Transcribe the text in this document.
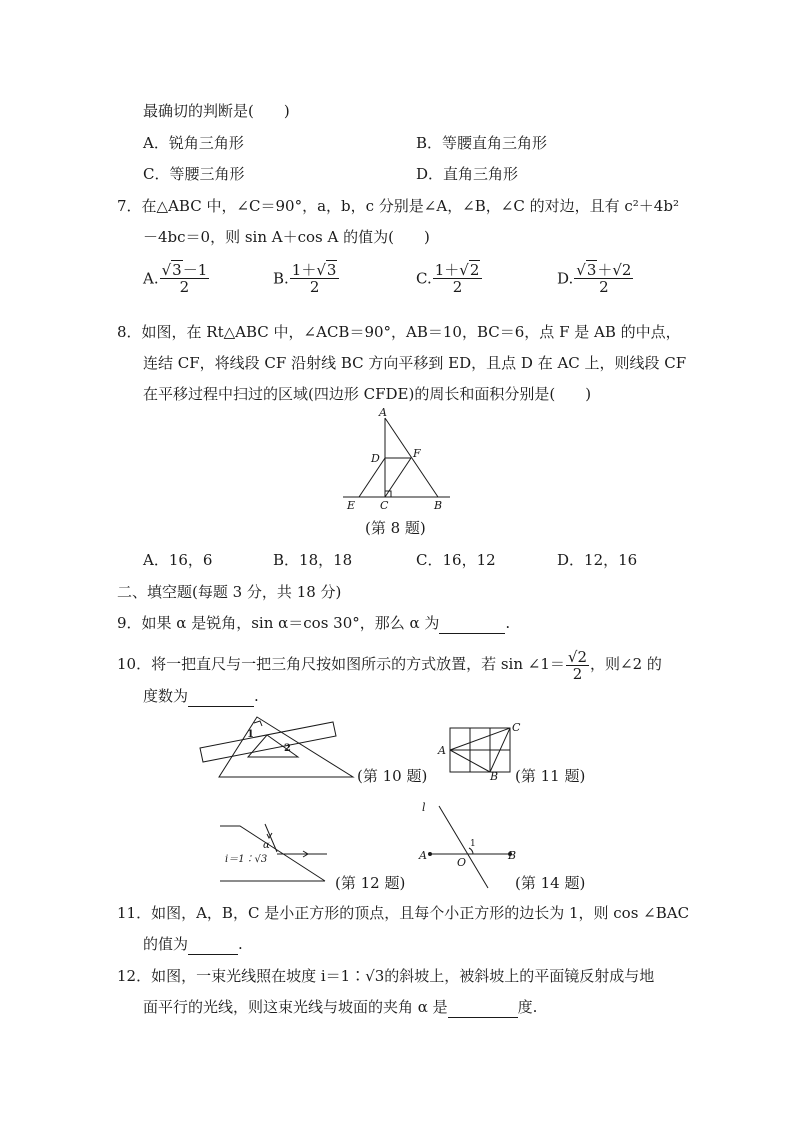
最确切的判断是(　　)
A．锐角三角形	B．等腰直角三角形
C．等腰三角形	D．直角三角形
7．在△ABC 中，∠C＝90°，a，b，c 分别是∠A，∠B，∠C 的对边，且有 c²＋4b²
－4bc＝0，则 sin A＋cos A 的值为(　　)
A. $\frac{√3-1}{2}$	B. $\frac{1+√3}{2}$	C. $\frac{1+√2}{2}$	D. $\frac{√3+√2}{2}$
8．如图，在 Rt△ABC 中，∠ACB＝90°，AB＝10，BC＝6，点 F 是 AB 的中点，
连结 CF，将线段 CF 沿射线 BC 方向平移到 ED，且点 D 在 AC 上，则线段 CF
在平移过程中扫过的区域(四边形 CFDE)的周长和面积分别是(　　)
A
D	F
E C	B
(第 8 题)
A．16，6	B．18，18	C．16，12	D．12，16
二、填空题(每题 3 分，共 18 分)
9．如果 α 是锐角，sin α＝cos 30°，那么 α 为	.
10．将一把直尺与一把三角尺按如图所示的方式放置，若 sin ∠1＝ $\frac{√2}{2}$ ，则∠2 的
度数为	.
1
2
(第 10 题)
A
C
B (第 11 题)
α
i＝1∶√3
(第 12 题)
l
A
O
B
1
(第 14 题)
11．如图，A，B，C 是小正方形的顶点，且每个小正方形的边长为 1，则 cos ∠BAC
的值为	.
12．如图，一束光线照在坡度 i＝1∶√3的斜坡上，被斜坡上的平面镜反射成与地
面平行的光线，则这束光线与坡面的夹角 α 是	度.
